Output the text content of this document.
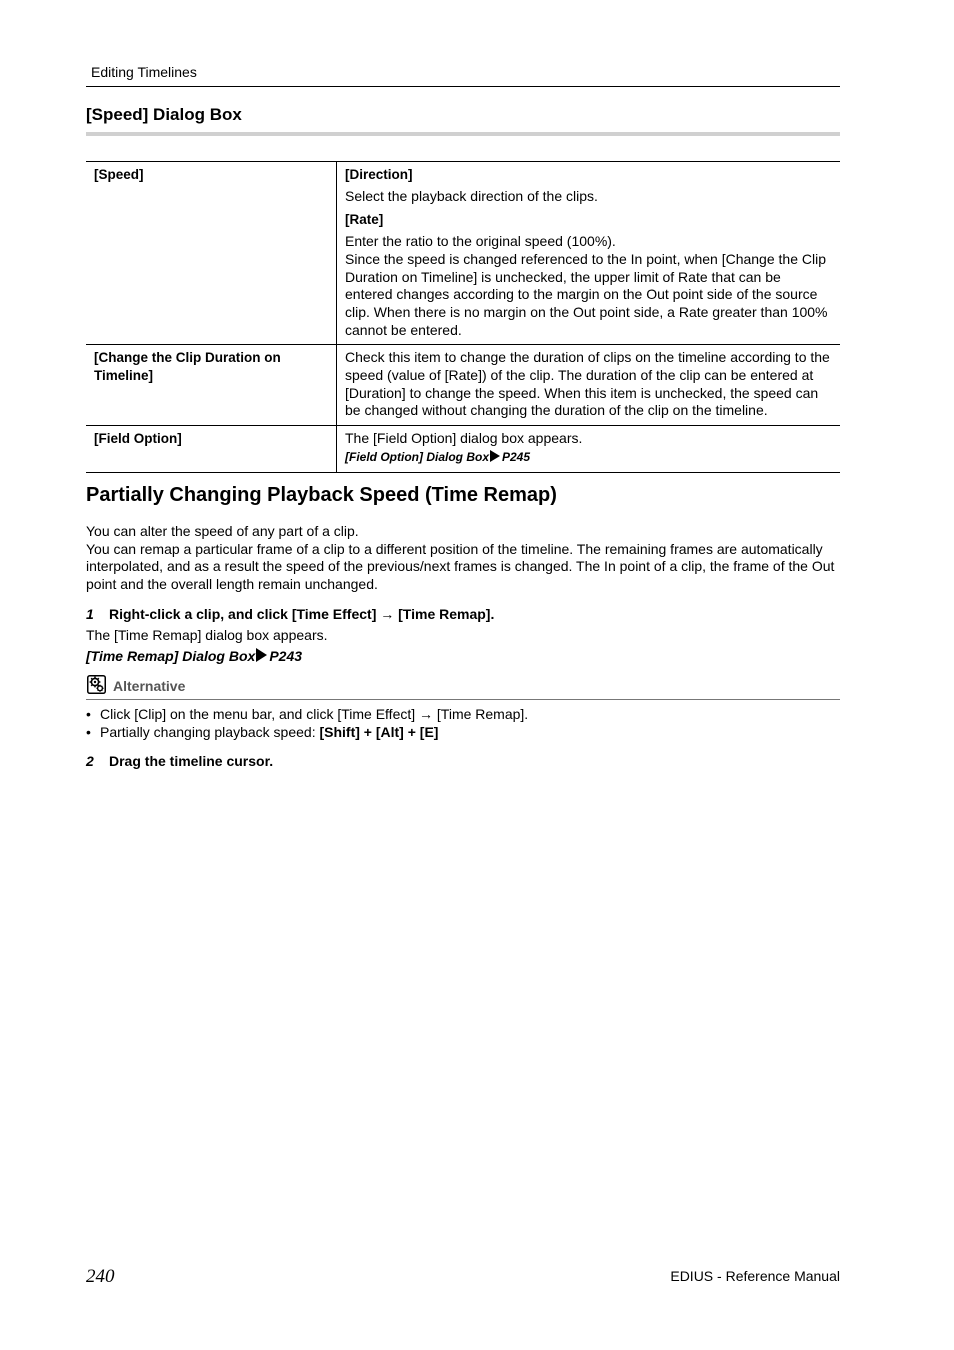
Editing Timelines
[Speed] Dialog Box
[Speed]	[Direction]
Select the playback direction of the clips.
[Rate]
Enter the ratio to the original speed (100%).
Since the speed is changed referenced to the In point, when [Change the Clip Duration on Timeline] is unchecked, the upper limit of Rate that can be entered changes according to the margin on the Out point side of the source clip. When there is no margin on the Out point side, a Rate greater than 100% cannot be entered.

[Change the Clip Duration on Timeline]	Check this item to change the duration of clips on the timeline according to the speed (value of [Rate]) of the clip. The duration of the clip can be entered at [Duration] to change the speed. When this item is unchecked, the speed can be changed without changing the duration of the clip on the timeline.
[Field Option]	The [Field Option] dialog box appears.
[Field Option] Dialog Box P245
Partially Changing Playback Speed (Time Remap)
You can alter the speed of any part of a clip.
You can remap a particular frame of a clip to a different position of the timeline. The remaining frames are automatically interpolated, and as a result the speed of the previous/next frames is changed. The In point of a clip, the frame of the Out point and the overall length remain unchanged.
1 Right-click a clip, and click [Time Effect] → [Time Remap].
The [Time Remap] dialog box appears.
[Time Remap] Dialog Box P243
Alternative
• Click [Clip] on the menu bar, and click [Time Effect] → [Time Remap].
• Partially changing playback speed: [Shift] + [Alt] + [E]
2 Drag the timeline cursor.
240	EDIUS - Reference Manual
